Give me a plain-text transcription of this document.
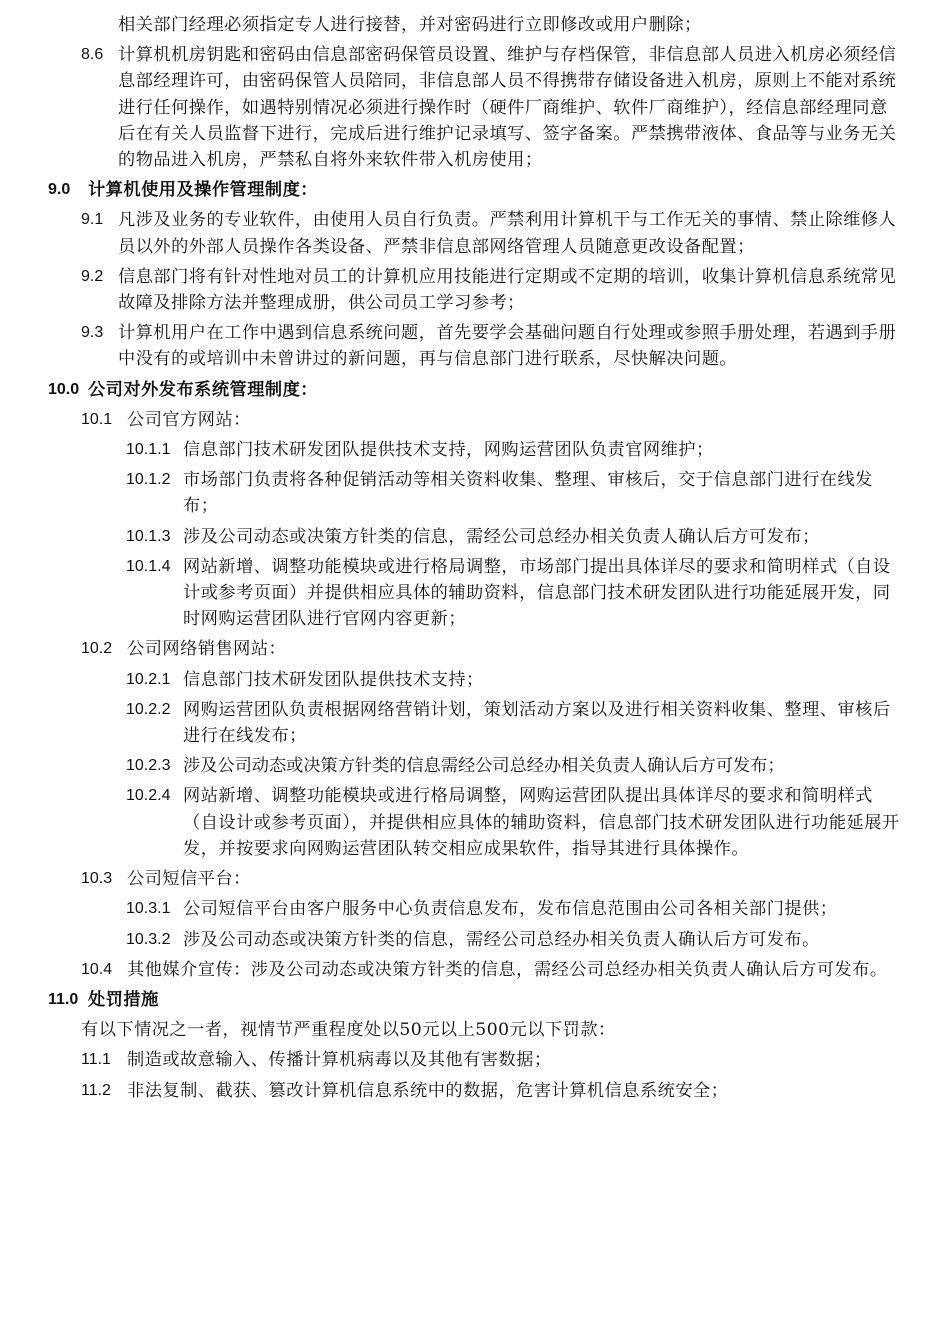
相关部门经理必须指定专人进行接替，并对密码进行立即修改或用户删除；
8.6 计算机机房钥匙和密码由信息部密码保管员设置、维护与存档保管，非信息部人员进入机房必须经信息部经理许可，由密码保管人员陪同，非信息部人员不得携带存储设备进入机房，原则上不能对系统进行任何操作，如遇特别情况必须进行操作时（硬件厂商维护、软件厂商维护），经信息部经理同意后在有关人员监督下进行，完成后进行维护记录填写、签字备案。严禁携带液体、食品等与业务无关的物品进入机房，严禁私自将外来软件带入机房使用；
9.0 计算机使用及操作管理制度：
9.1 凡涉及业务的专业软件，由使用人员自行负责。严禁利用计算机干与工作无关的事情、禁止除维修人员以外的外部人员操作各类设备、严禁非信息部网络管理人员随意更改设备配置；
9.2 信息部门将有针对性地对员工的计算机应用技能进行定期或不定期的培训，收集计算机信息系统常见故障及排除方法并整理成册，供公司员工学习参考；
9.3 计算机用户在工作中遇到信息系统问题，首先要学会基础问题自行处理或参照手册处理，若遇到手册中没有的或培训中未曾讲过的新问题，再与信息部门进行联系，尽快解决问题。
10.0 公司对外发布系统管理制度：
10.1 公司官方网站：
10.1.1 信息部门技术研发团队提供技术支持，网购运营团队负责官网维护；
10.1.2 市场部门负责将各种促销活动等相关资料收集、整理、审核后，交于信息部门进行在线发布；
10.1.3 涉及公司动态或决策方针类的信息，需经公司总经办相关负责人确认后方可发布；
10.1.4 网站新增、调整功能模块或进行格局调整，市场部门提出具体详尽的要求和简明样式（自设计或参考页面）并提供相应具体的辅助资料，信息部门技术研发团队进行功能延展开发，同时网购运营团队进行官网内容更新；
10.2 公司网络销售网站：
10.2.1 信息部门技术研发团队提供技术支持；
10.2.2 网购运营团队负责根据网络营销计划，策划活动方案以及进行相关资料收集、整理、审核后进行在线发布；
10.2.3 涉及公司动态或决策方针类的信息需经公司总经办相关负责人确认后方可发布；
10.2.4 网站新增、调整功能模块或进行格局调整，网购运营团队提出具体详尽的要求和简明样式（自设计或参考页面），并提供相应具体的辅助资料，信息部门技术研发团队进行功能延展开发，并按要求向网购运营团队转交相应成果软件，指导其进行具体操作。
10.3 公司短信平台：
10.3.1 公司短信平台由客户服务中心负责信息发布，发布信息范围由公司各相关部门提供；
10.3.2 涉及公司动态或决策方针类的信息，需经公司总经办相关负责人确认后方可发布。
10.4 其他媒介宣传：涉及公司动态或决策方针类的信息，需经公司总经办相关负责人确认后方可发布。
11.0 处罚措施
有以下情况之一者，视情节严重程度处以50元以上500元以下罚款：
11.1 制造或故意输入、传播计算机病毒以及其他有害数据；
11.2 非法复制、截获、篡改计算机信息系统中的数据，危害计算机信息系统安全；
